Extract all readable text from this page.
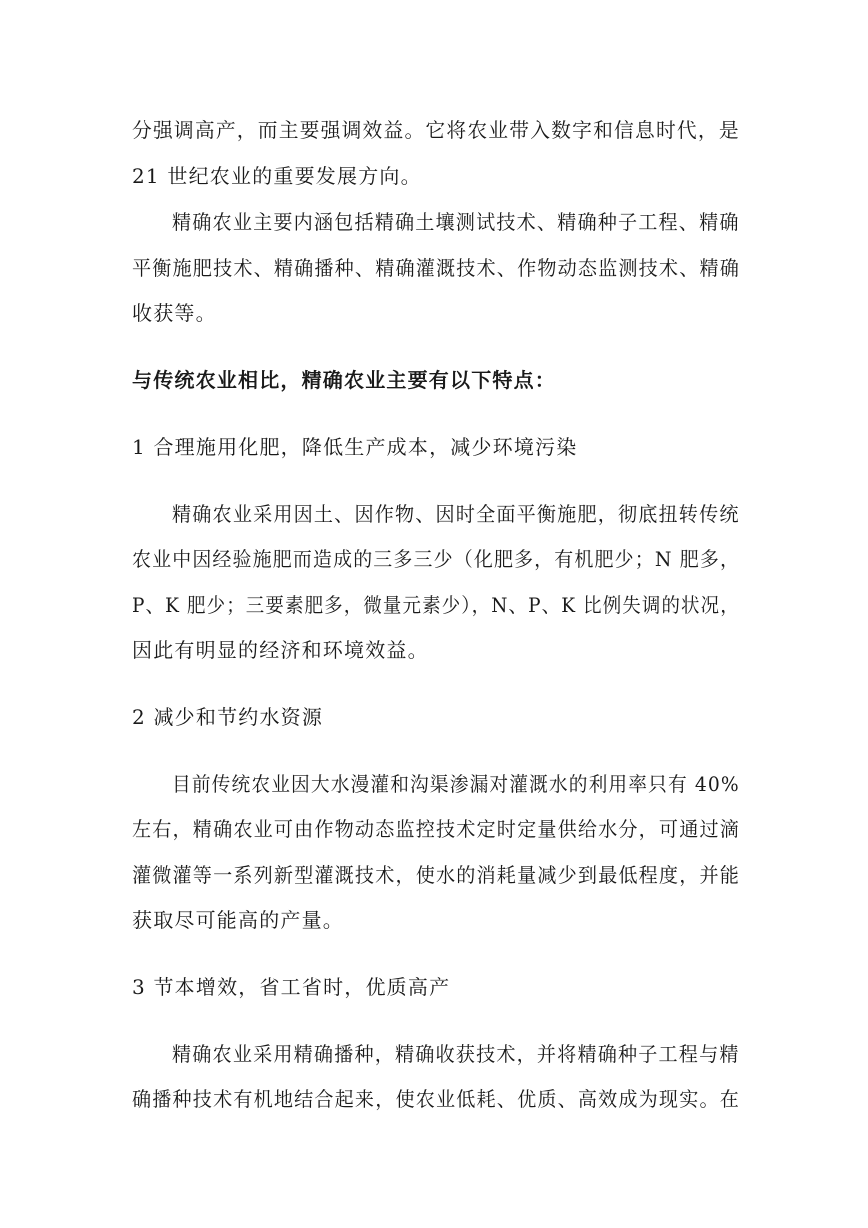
分强调高产，而主要强调效益。它将农业带入数字和信息时代，是
21 世纪农业的重要发展方向。
精确农业主要内涵包括精确土壤测试技术、精确种子工程、精确
平衡施肥技术、精确播种、精确灌溉技术、作物动态监测技术、精确
收获等。
与传统农业相比，精确农业主要有以下特点：
1 合理施用化肥，降低生产成本，减少环境污染
精确农业采用因土、因作物、因时全面平衡施肥，彻底扭转传统
农业中因经验施肥而造成的三多三少（化肥多，有机肥少；N 肥多，
P、K 肥少；三要素肥多，微量元素少），N、P、K 比例失调的状况，
因此有明显的经济和环境效益。
2 减少和节约水资源
目前传统农业因大水漫灌和沟渠渗漏对灌溉水的利用率只有 40%
左右，精确农业可由作物动态监控技术定时定量供给水分，可通过滴
灌微灌等一系列新型灌溉技术，使水的消耗量减少到最低程度，并能
获取尽可能高的产量。
3 节本增效，省工省时，优质高产
精确农业采用精确播种，精确收获技术，并将精确种子工程与精
确播种技术有机地结合起来，使农业低耗、优质、高效成为现实。在
